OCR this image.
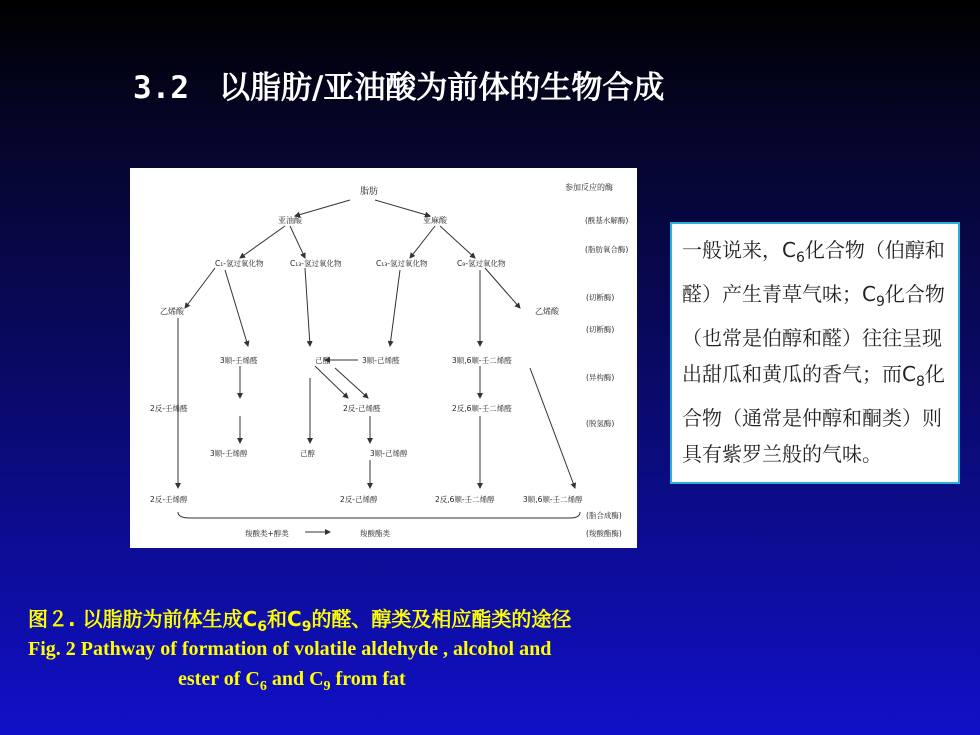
3.2 以脂肪/亚油酸为前体的生物合成
脂肪	参加反应的酶
亚油酸	亚麻酸	(酰基水解酶)
C₁-氢过氧化物	C₁₃-氢过氧化物	C₁₃-氢过氧化物	C₉-氢过氧化物
(脂肪氧合酶)
(切断酶)
乙烯酸	乙烯酸
(切断酶)
3顺-壬烯醛	己醛	3顺-己烯醛	3顺,6顺-壬二烯醛
(异构酶)
2反-壬烯醛	2反-己烯醛	2反,6顺-壬二烯醛
(脱氢酶)
3顺-壬烯醇	己醇	3顺-己烯醇
2反-壬烯醇	2反-己烯醇	2反,6顺-壬二烯醇	3顺,6顺-壬二烯醇
(脂合成酶)
羧酸类+醇类	羧酸酯类	(羧酸酯酶)
一般说来，$C_6$化合物（伯醇和醛）产生青草气味；$C_9$化合物（也常是伯醇和醛）往往呈现出甜瓜和黄瓜的香气；而$C_8$化合物（通常是仲醇和酮类）则具有紫罗兰般的气味。
图２. 以脂肪为前体生成$C_6$和$C_9$的醛、醇类及相应酯类的途径
Fig. 2 Pathway of formation of volatile aldehyde , alcohol and
ester of $C_6$ and $C_9$ from fat
